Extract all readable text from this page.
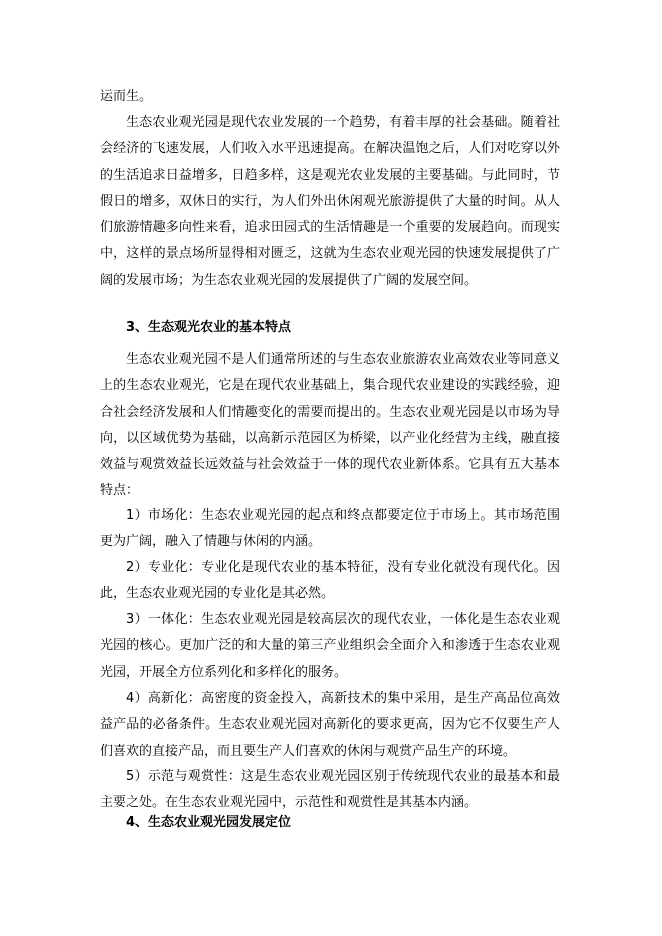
运而生。

生态农业观光园是现代农业发展的一个趋势，有着丰厚的社会基础。随着社会经济的飞速发展，人们收入水平迅速提高。在解决温饱之后，人们对吃穿以外的生活追求日益增多，日趋多样，这是观光农业发展的主要基础。与此同时，节假日的增多，双休日的实行，为人们外出休闲观光旅游提供了大量的时间。从人们旅游情趣多向性来看，追求田园式的生活情趣是一个重要的发展趋向。而现实中，这样的景点场所显得相对匮乏，这就为生态农业观光园的快速发展提供了广阔的发展市场；为生态农业观光园的发展提供了广阔的发展空间。

3、生态观光农业的基本特点

生态农业观光园不是人们通常所述的与生态农业旅游农业高效农业等同意义上的生态农业观光，它是在现代农业基础上，集合现代农业建设的实践经验，迎合社会经济发展和人们情趣变化的需要而提出的。生态农业观光园是以市场为导向，以区域优势为基础，以高新示范园区为桥梁，以产业化经营为主线，融直接效益与观赏效益长远效益与社会效益于一体的现代农业新体系。它具有五大基本特点：

1）市场化：生态农业观光园的起点和终点都要定位于市场上。其市场范围更为广阔，融入了情趣与休闲的内涵。

2）专业化：专业化是现代农业的基本特征，没有专业化就没有现代化。因此，生态农业观光园的专业化是其必然。

3）一体化：生态农业观光园是较高层次的现代农业，一体化是生态农业观光园的核心。更加广泛的和大量的第三产业组织会全面介入和渗透于生态农业观光园，开展全方位系列化和多样化的服务。

4）高新化：高密度的资金投入，高新技术的集中采用，是生产高品位高效益产品的必备条件。生态农业观光园对高新化的要求更高，因为它不仅要生产人们喜欢的直接产品，而且要生产人们喜欢的休闲与观赏产品生产的环境。

5）示范与观赏性：这是生态农业观光园区别于传统现代农业的最基本和最主要之处。在生态农业观光园中，示范性和观赏性是其基本内涵。

4、生态农业观光园发展定位
